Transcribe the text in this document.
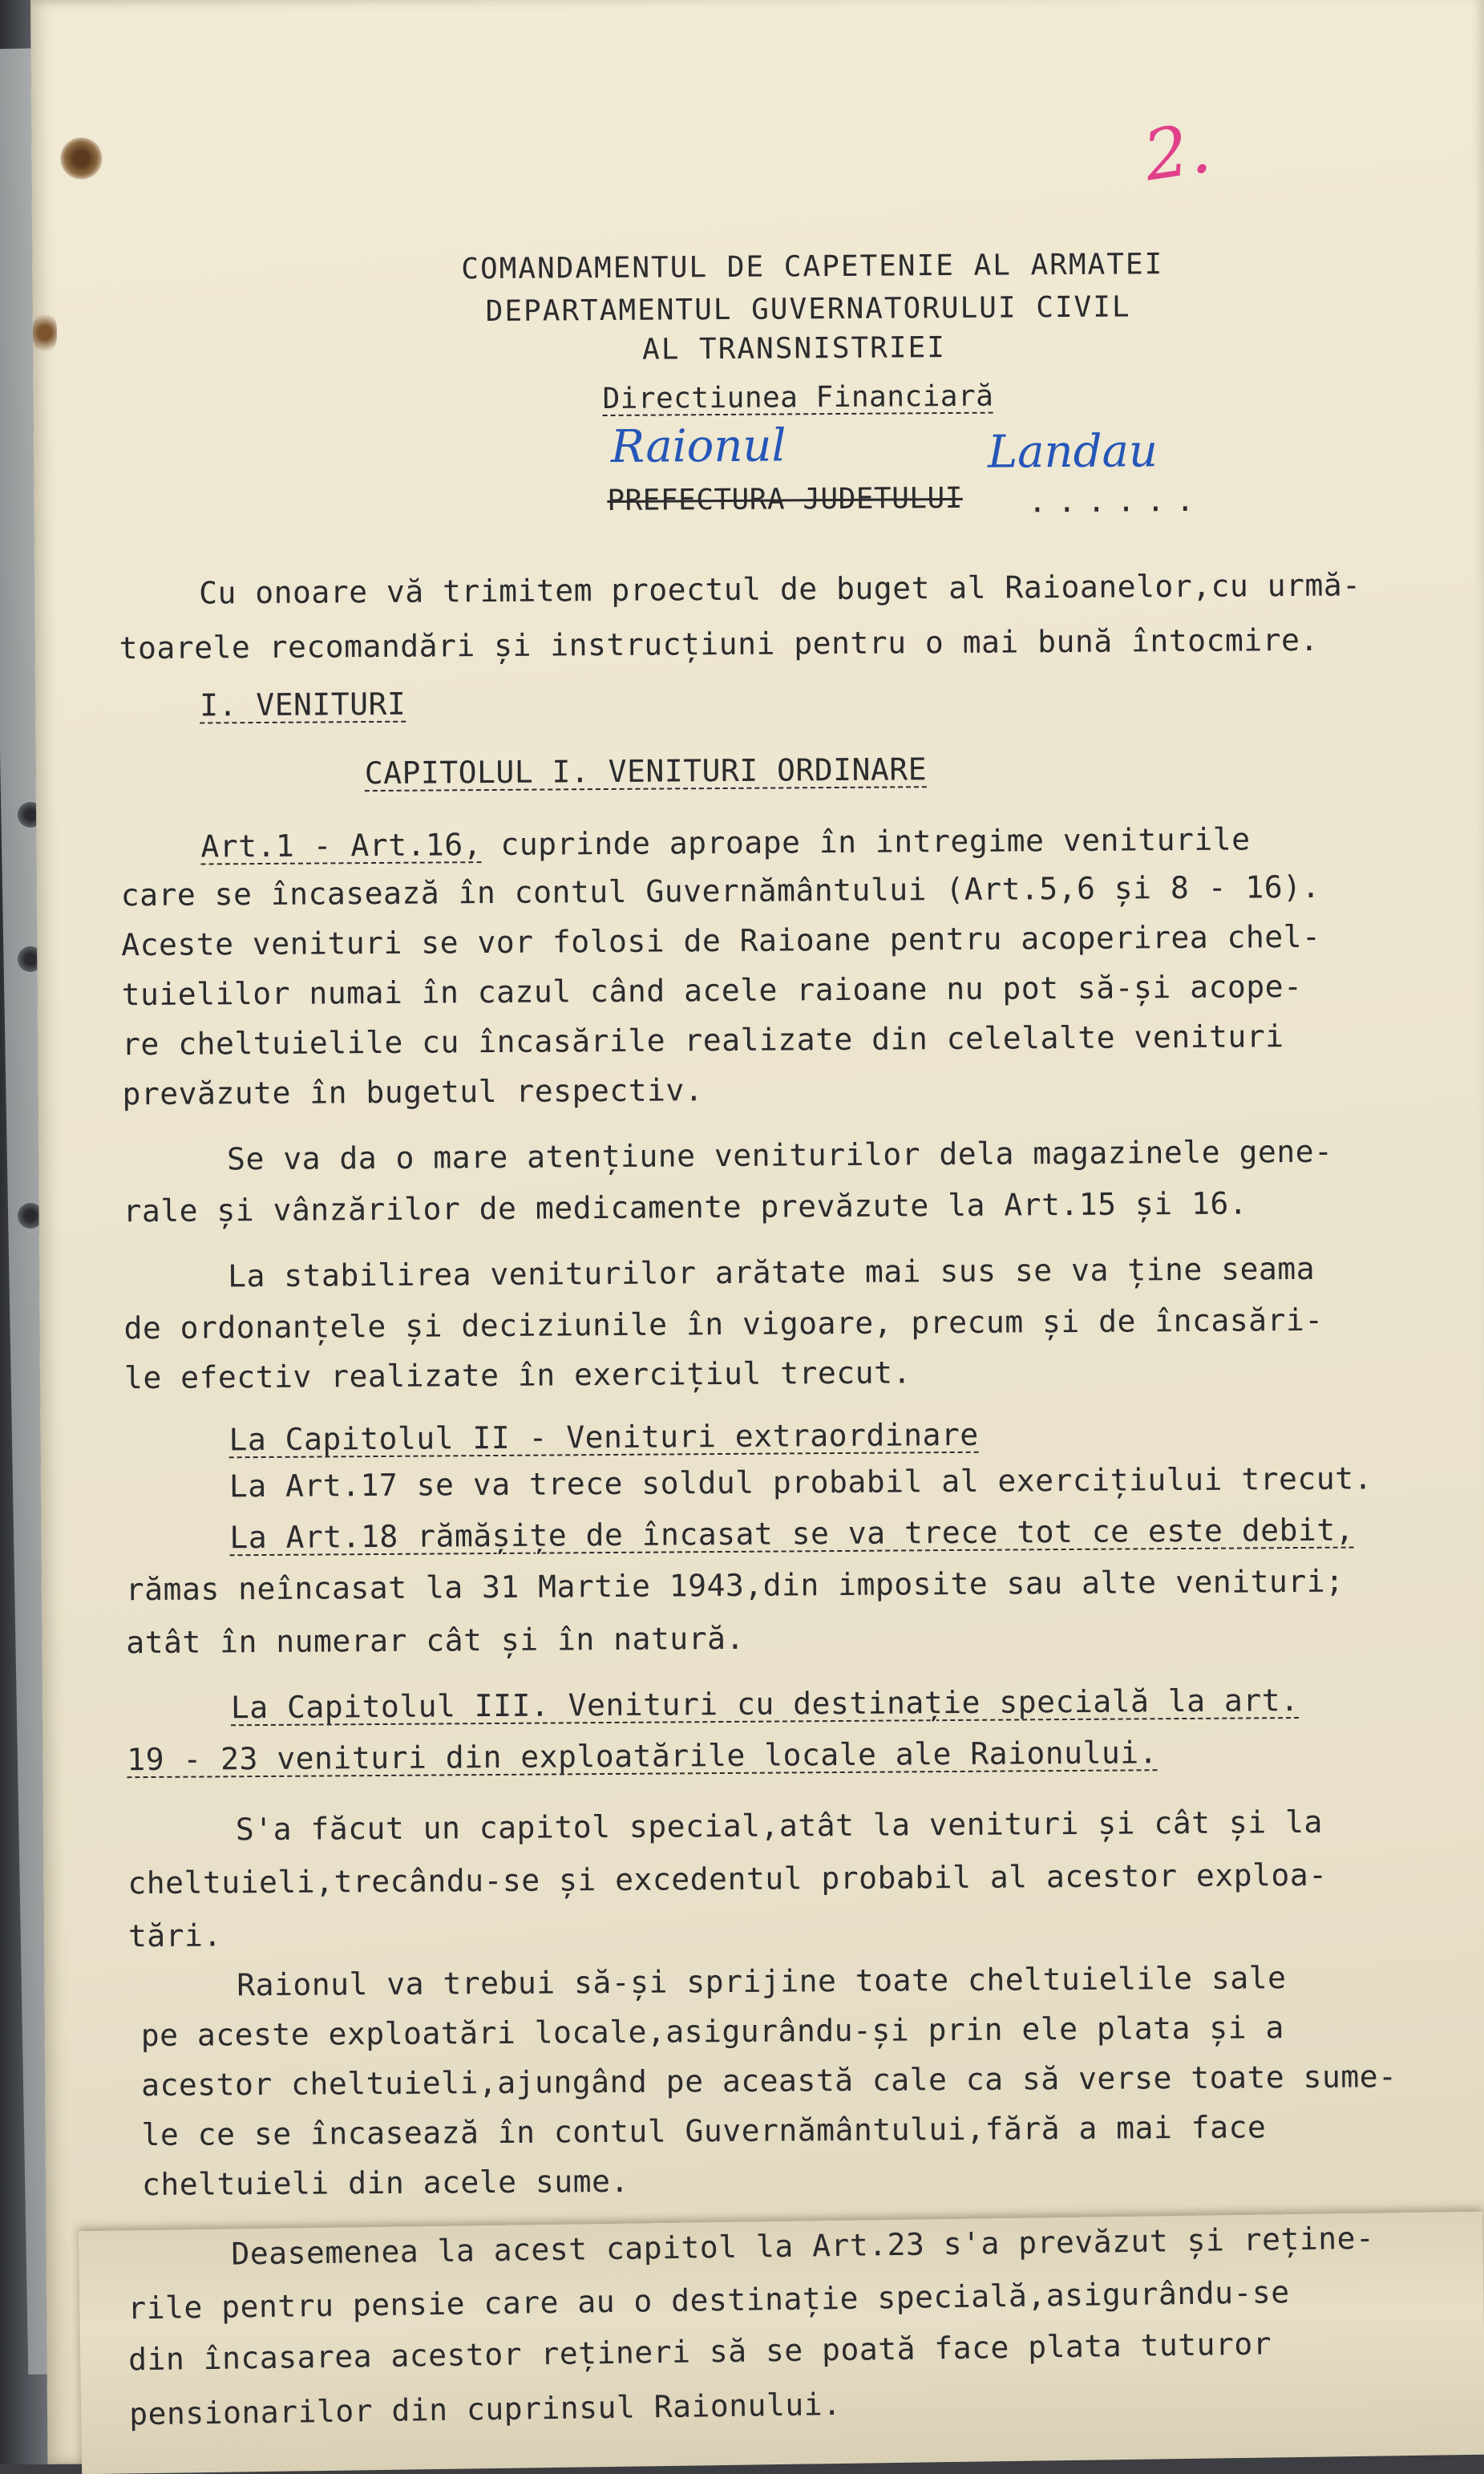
2.
COMANDAMENTUL DE CAPETENIE AL ARMATEI
DEPARTAMENTUL GUVERNATORULUI CIVIL
AL TRANSNISTRIEI
Directiunea Financiară
Raionul	Landau
PREFECTURA JUDETULUI ......
Cu onoare vă trimitem proectul de buget al Raioanelor,cu urmă-
toarele recomandări și instrucțiuni pentru o mai bună întocmire.
I. VENITURI
CAPITOLUL I. VENITURI ORDINARE
Art.1 - Art.16, cuprinde aproape în intregime veniturile
care se încasează în contul Guvernământului (Art.5,6 și 8 - 16).
Aceste venituri se vor folosi de Raioane pentru acoperirea chel-
tuielilor numai în cazul când acele raioane nu pot să-și acope-
re cheltuielile cu încasările realizate din celelalte venituri
prevăzute în bugetul respectiv.
Se va da o mare atențiune veniturilor dela magazinele gene-
rale și vânzărilor de medicamente prevăzute la Art.15 și 16.
La stabilirea veniturilor arătate mai sus se va ține seama
de ordonanțele și deciziunile în vigoare, precum și de încasări-
le efectiv realizate în exercițiul trecut.
La Capitolul II - Venituri extraordinare
La Art.17 se va trece soldul probabil al exercițiului trecut.
La Art.18 rămășițe de încasat se va trece tot ce este debit,
rămas neîncasat la 31 Martie 1943,din imposite sau alte venituri;
atât în numerar cât și în natură.
La Capitolul III. Venituri cu destinație specială la art.
19 - 23 venituri din exploatările locale ale Raionului.
S'a făcut un capitol special,atât la venituri și cât și la
cheltuieli,trecându-se și excedentul probabil al acestor exploa-
tări.
Raionul va trebui să-și sprijine toate cheltuielile sale
pe aceste exploatări locale,asigurându-și prin ele plata și a
acestor cheltuieli,ajungând pe această cale ca să verse toate sume-
le ce se încasează în contul Guvernământului,fără a mai face
cheltuieli din acele sume.
Deasemenea la acest capitol la Art.23 s'a prevăzut și reține-
rile pentru pensie care au o destinație specială,asigurându-se
din încasarea acestor rețineri să se poată face plata tuturor
pensionarilor din cuprinsul Raionului.
